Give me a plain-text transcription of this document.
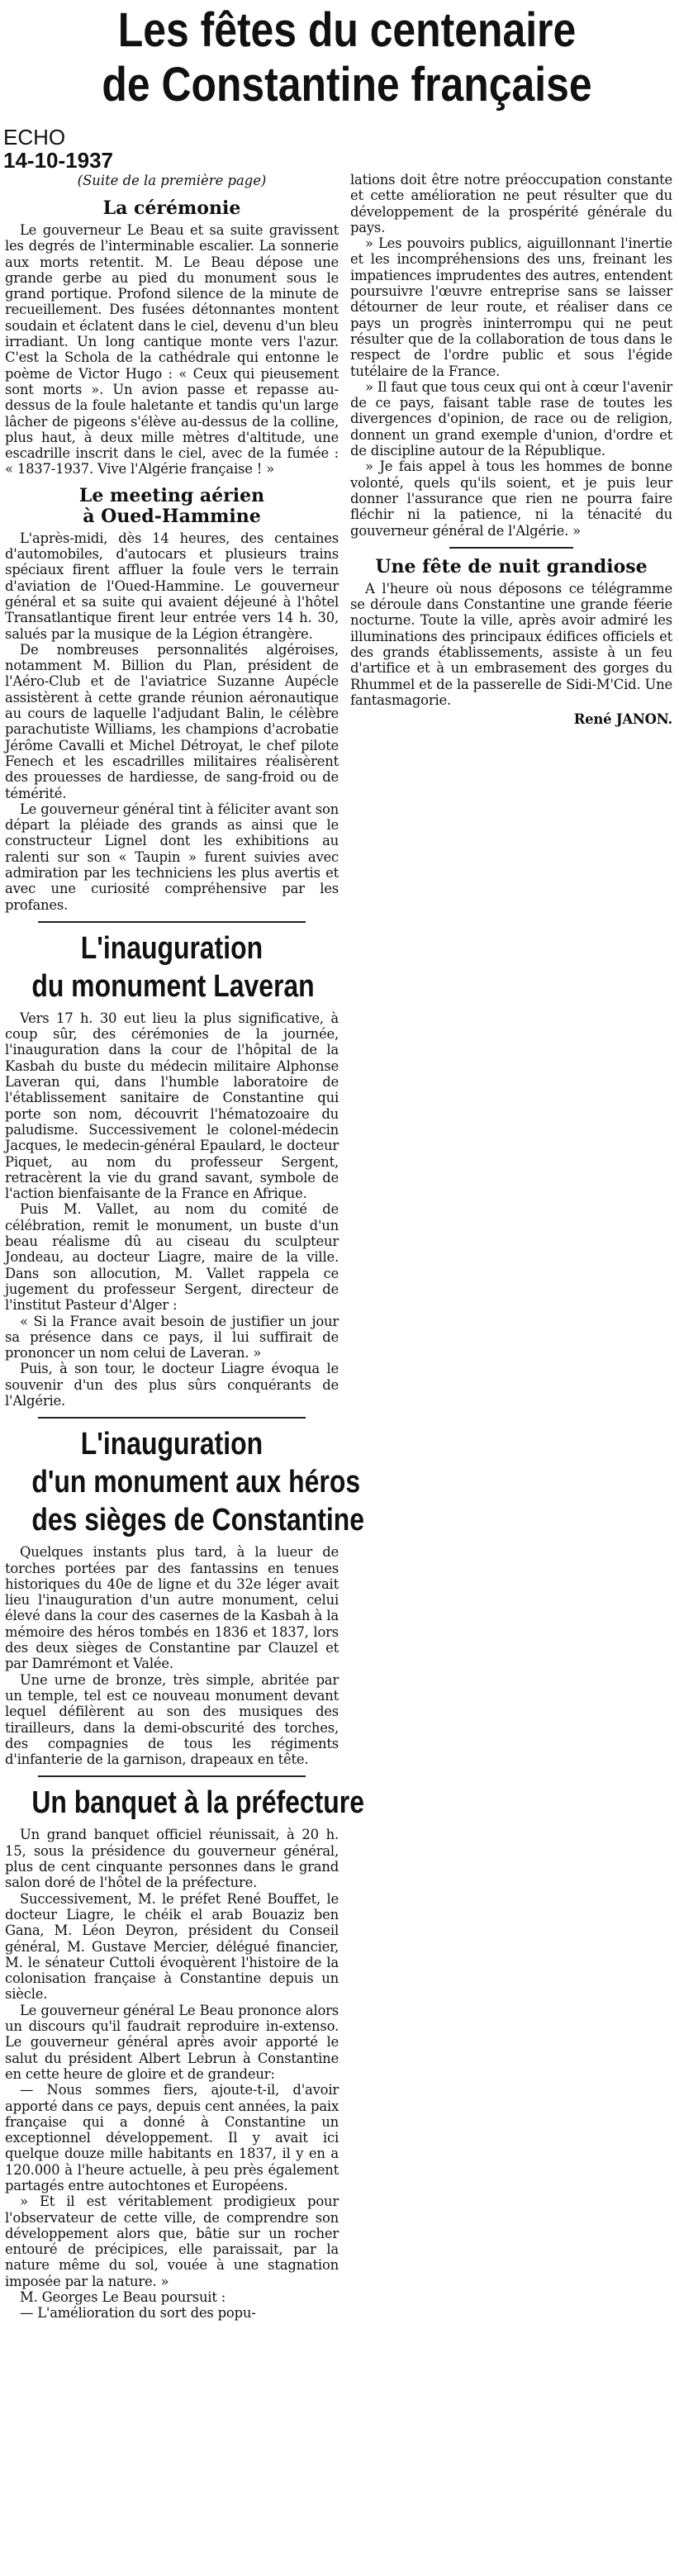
Les fêtes du centenaire
de Constantine française
ECHO
14-10-1937
(Suite de la première page)
La cérémonie

Le gouverneur Le Beau et sa suite gravissent les degrés de l'interminable escalier. La sonnerie aux morts retentit. M. Le Beau dépose une grande gerbe au pied du monument sous le grand portique. Profond silence de la minute de recueillement. Des fusées détonnantes montent soudain et éclatent dans le ciel, devenu d'un bleu irradiant. Un long cantique monte vers l'azur. C'est la Schola de la cathédrale qui entonne le poème de Victor Hugo : « Ceux qui pieusement sont morts ». Un avion passe et repasse au-dessus de la foule haletante et tandis qu'un large lâcher de pigeons s'élève au-dessus de la colline, plus haut, à deux mille mètres d'altitude, une escadrille inscrit dans le ciel, avec de la fumée : « 1837-1937. Vive l'Algérie française ! »

Le meeting aérien
à Oued-Hammine

L'après-midi, dès 14 heures, des centaines d'automobiles, d'autocars et plusieurs trains spéciaux firent affluer la foule vers le terrain d'aviation de l'Oued-Hammine. Le gouverneur général et sa suite qui avaient déjeuné à l'hôtel Transatlantique firent leur entrée vers 14 h. 30, salués par la musique de la Légion étrangère.

De nombreuses personnalités algéroises, notamment M. Billion du Plan, président de l'Aéro-Club et de l'aviatrice Suzanne Aupécle assistèrent à cette grande réunion aéronautique au cours de laquelle l'adjudant Balin, le célèbre parachutiste Williams, les champions d'acrobatie Jérôme Cavalli et Michel Détroyat, le chef pilote Fenech et les escadrilles militaires réalisèrent des prouesses de hardiesse, de sang-froid ou de témérité.

Le gouverneur général tint à féliciter avant son départ la pléiade des grands as ainsi que le constructeur Lignel dont les exhibitions au ralenti sur son « Taupin » furent suivies avec admiration par les techniciens les plus avertis et avec une curiosité compréhensive par les profanes.

L'inauguration
du monument Laveran

Vers 17 h. 30 eut lieu la plus significative, à coup sûr, des cérémonies de la journée, l'inauguration dans la cour de l'hôpital de la Kasbah du buste du médecin militaire Alphonse Laveran qui, dans l'humble laboratoire de l'établissement sanitaire de Constantine qui porte son nom, découvrit l'hématozoaire du paludisme. Successivement le colonel-médecin Jacques, le medecin-général Epaulard, le docteur Piquet, au nom du professeur Sergent, retracèrent la vie du grand savant, symbole de l'action bienfaisante de la France en Afrique.

Puis M. Vallet, au nom du comité de célébration, remit le monument, un buste d'un beau réalisme dû au ciseau du sculpteur Jondeau, au docteur Liagre, maire de la ville. Dans son allocution, M. Vallet rappela ce jugement du professeur Sergent, directeur de l'institut Pasteur d'Alger :

« Si la France avait besoin de justifier un jour sa présence dans ce pays, il lui suffirait de prononcer un nom celui de Laveran. »

Puis, à son tour, le docteur Liagre évoqua le souvenir d'un des plus sûrs conquérants de l'Algérie.

L'inauguration
d'un monument aux héros
des sièges de Constantine

Quelques instants plus tard, à la lueur de torches portées par des fantassins en tenues historiques du 40e de ligne et du 32e léger avait lieu l'inauguration d'un autre monument, celui élevé dans la cour des casernes de la Kasbah à la mémoire des héros tombés en 1836 et 1837, lors des deux sièges de Constantine par Clauzel et par Damrémont et Valée.

Une urne de bronze, très simple, abritée par un temple, tel est ce nouveau monument devant lequel défilèrent au son des musiques des tirailleurs, dans la demi-obscurité des torches, des compagnies de tous les régiments d'infanterie de la garnison, drapeaux en tête.

Un banquet à la préfecture

Un grand banquet officiel réunissait, à 20 h. 15, sous la présidence du gouverneur général, plus de cent cinquante personnes dans le grand salon doré de l'hôtel de la préfecture.

Successivement, M. le préfet René Bouffet, le docteur Liagre, le chéik el arab Bouaziz ben Gana, M. Léon Deyron, président du Conseil général, M. Gustave Mercier, délégué financier, M. le sénateur Cuttoli évoquèrent l'histoire de la colonisation française à Constantine depuis un siècle.

Le gouverneur général Le Beau prononce alors un discours qu'il faudrait reproduire in-extenso. Le gouverneur général après avoir apporté le salut du président Albert Lebrun à Constantine en cette heure de gloire et de grandeur:

— Nous sommes fiers, ajoute-t-il, d'avoir apporté dans ce pays, depuis cent années, la paix française qui a donné à Constantine un exceptionnel développement. Il y avait ici quelque douze mille habitants en 1837, il y en a 120.000 à l'heure actuelle, à peu près également partagés entre autochtones et Européens.

» Et il est véritablement prodigieux pour l'observateur de cette ville, de comprendre son développement alors que, bâtie sur un rocher entouré de précipices, elle paraissait, par la nature même du sol, vouée à une stagnation imposée par la nature. »

M. Georges Le Beau poursuit :

— L'amélioration du sort des popu-

lations doit être notre préoccupation constante et cette amélioration ne peut résulter que du développement de la prospérité générale du pays.

» Les pouvoirs publics, aiguillonnant l'inertie et les incompréhensions des uns, freinant les impatiences imprudentes des autres, entendent poursuivre l'œuvre entreprise sans se laisser détourner de leur route, et réaliser dans ce pays un progrès ininterrompu qui ne peut résulter que de la collaboration de tous dans le respect de l'ordre public et sous l'égide tutélaire de la France.

» Il faut que tous ceux qui ont à cœur l'avenir de ce pays, faisant table rase de toutes les divergences d'opinion, de race ou de religion, donnent un grand exemple d'union, d'ordre et de discipline autour de la République.

» Je fais appel à tous les hommes de bonne volonté, quels qu'ils soient, et je puis leur donner l'assurance que rien ne pourra faire fléchir ni la patience, ni la ténacité du gouverneur général de l'Algérie. »

Une fête de nuit grandiose

A l'heure où nous déposons ce télégramme se déroule dans Constantine une grande féerie nocturne. Toute la ville, après avoir admiré les illuminations des principaux édifices officiels et des grands établissements, assiste à un feu d'artifice et à un embrasement des gorges du Rhummel et de la passerelle de Sidi-M'Cid. Une fantasmagorie.

René JANON.
